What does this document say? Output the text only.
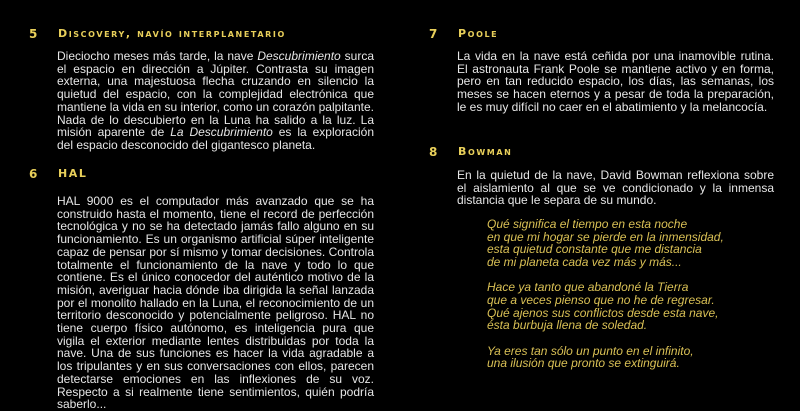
5 Discovery, navío interplanetario
Dieciocho meses más tarde, la nave Descubrimiento surca el espacio en dirección a Júpiter. Contrasta su imagen externa, una majestuosa flecha cruzando en silencio la quietud del espacio, con la complejidad electrónica que mantiene la vida en su interior, como un corazón palpitante. Nada de lo descubierto en la Luna ha salido a la luz. La misión aparente de La Descubrimiento es la exploración del espacio desconocido del gigantesco planeta.
6 HAL
HAL 9000 es el computador más avanzado que se ha construido hasta el momento, tiene el record de perfección tecnológica y no se ha detectado jamás fallo alguno en su funcionamiento. Es un organismo artificial súper inteligente capaz de pensar por sí mismo y tomar decisiones. Controla totalmente el funcionamiento de la nave y todo lo que contiene. Es el único conocedor del auténtico motivo de la misión, averiguar hacia dónde iba dirigida la señal lanzada por el monolito hallado en la Luna, el reconocimiento de un territorio desconocido y potencialmente peligroso. HAL no tiene cuerpo físico autónomo, es inteligencia pura que vigila el exterior mediante lentes distribuidas por toda la nave. Una de sus funciones es hacer la vida agradable a los tripulantes y en sus conversaciones con ellos, parecen detectarse emociones en las inflexiones de su voz. Respecto a si realmente tiene sentimientos, quién podría saberlo...
7 Poole
La vida en la nave está ceñida por una inamovible rutina. El astronauta Frank Poole se mantiene activo y en forma, pero en tan reducido espacio, los días, las semanas, los meses se hacen eternos y a pesar de toda la preparación, le es muy difícil no caer en el abatimiento y la melancocía.
8 Bowman
En la quietud de la nave, David Bowman reflexiona sobre el aislamiento al que se ve condicionado y la inmensa distancia que le separa de su mundo.
Qué significa el tiempo en esta noche
en que mi hogar se pierde en la inmensidad,
esta quietud constante que me distancia
de mi planeta cada vez más y más...
Hace ya tanto que abandoné la Tierra
que a veces pienso que no he de regresar.
Qué ajenos sus conflictos desde esta nave,
ésta burbuja llena de soledad.
Ya eres tan sólo un punto en el infinito,
una ilusión que pronto se extinguirá.
